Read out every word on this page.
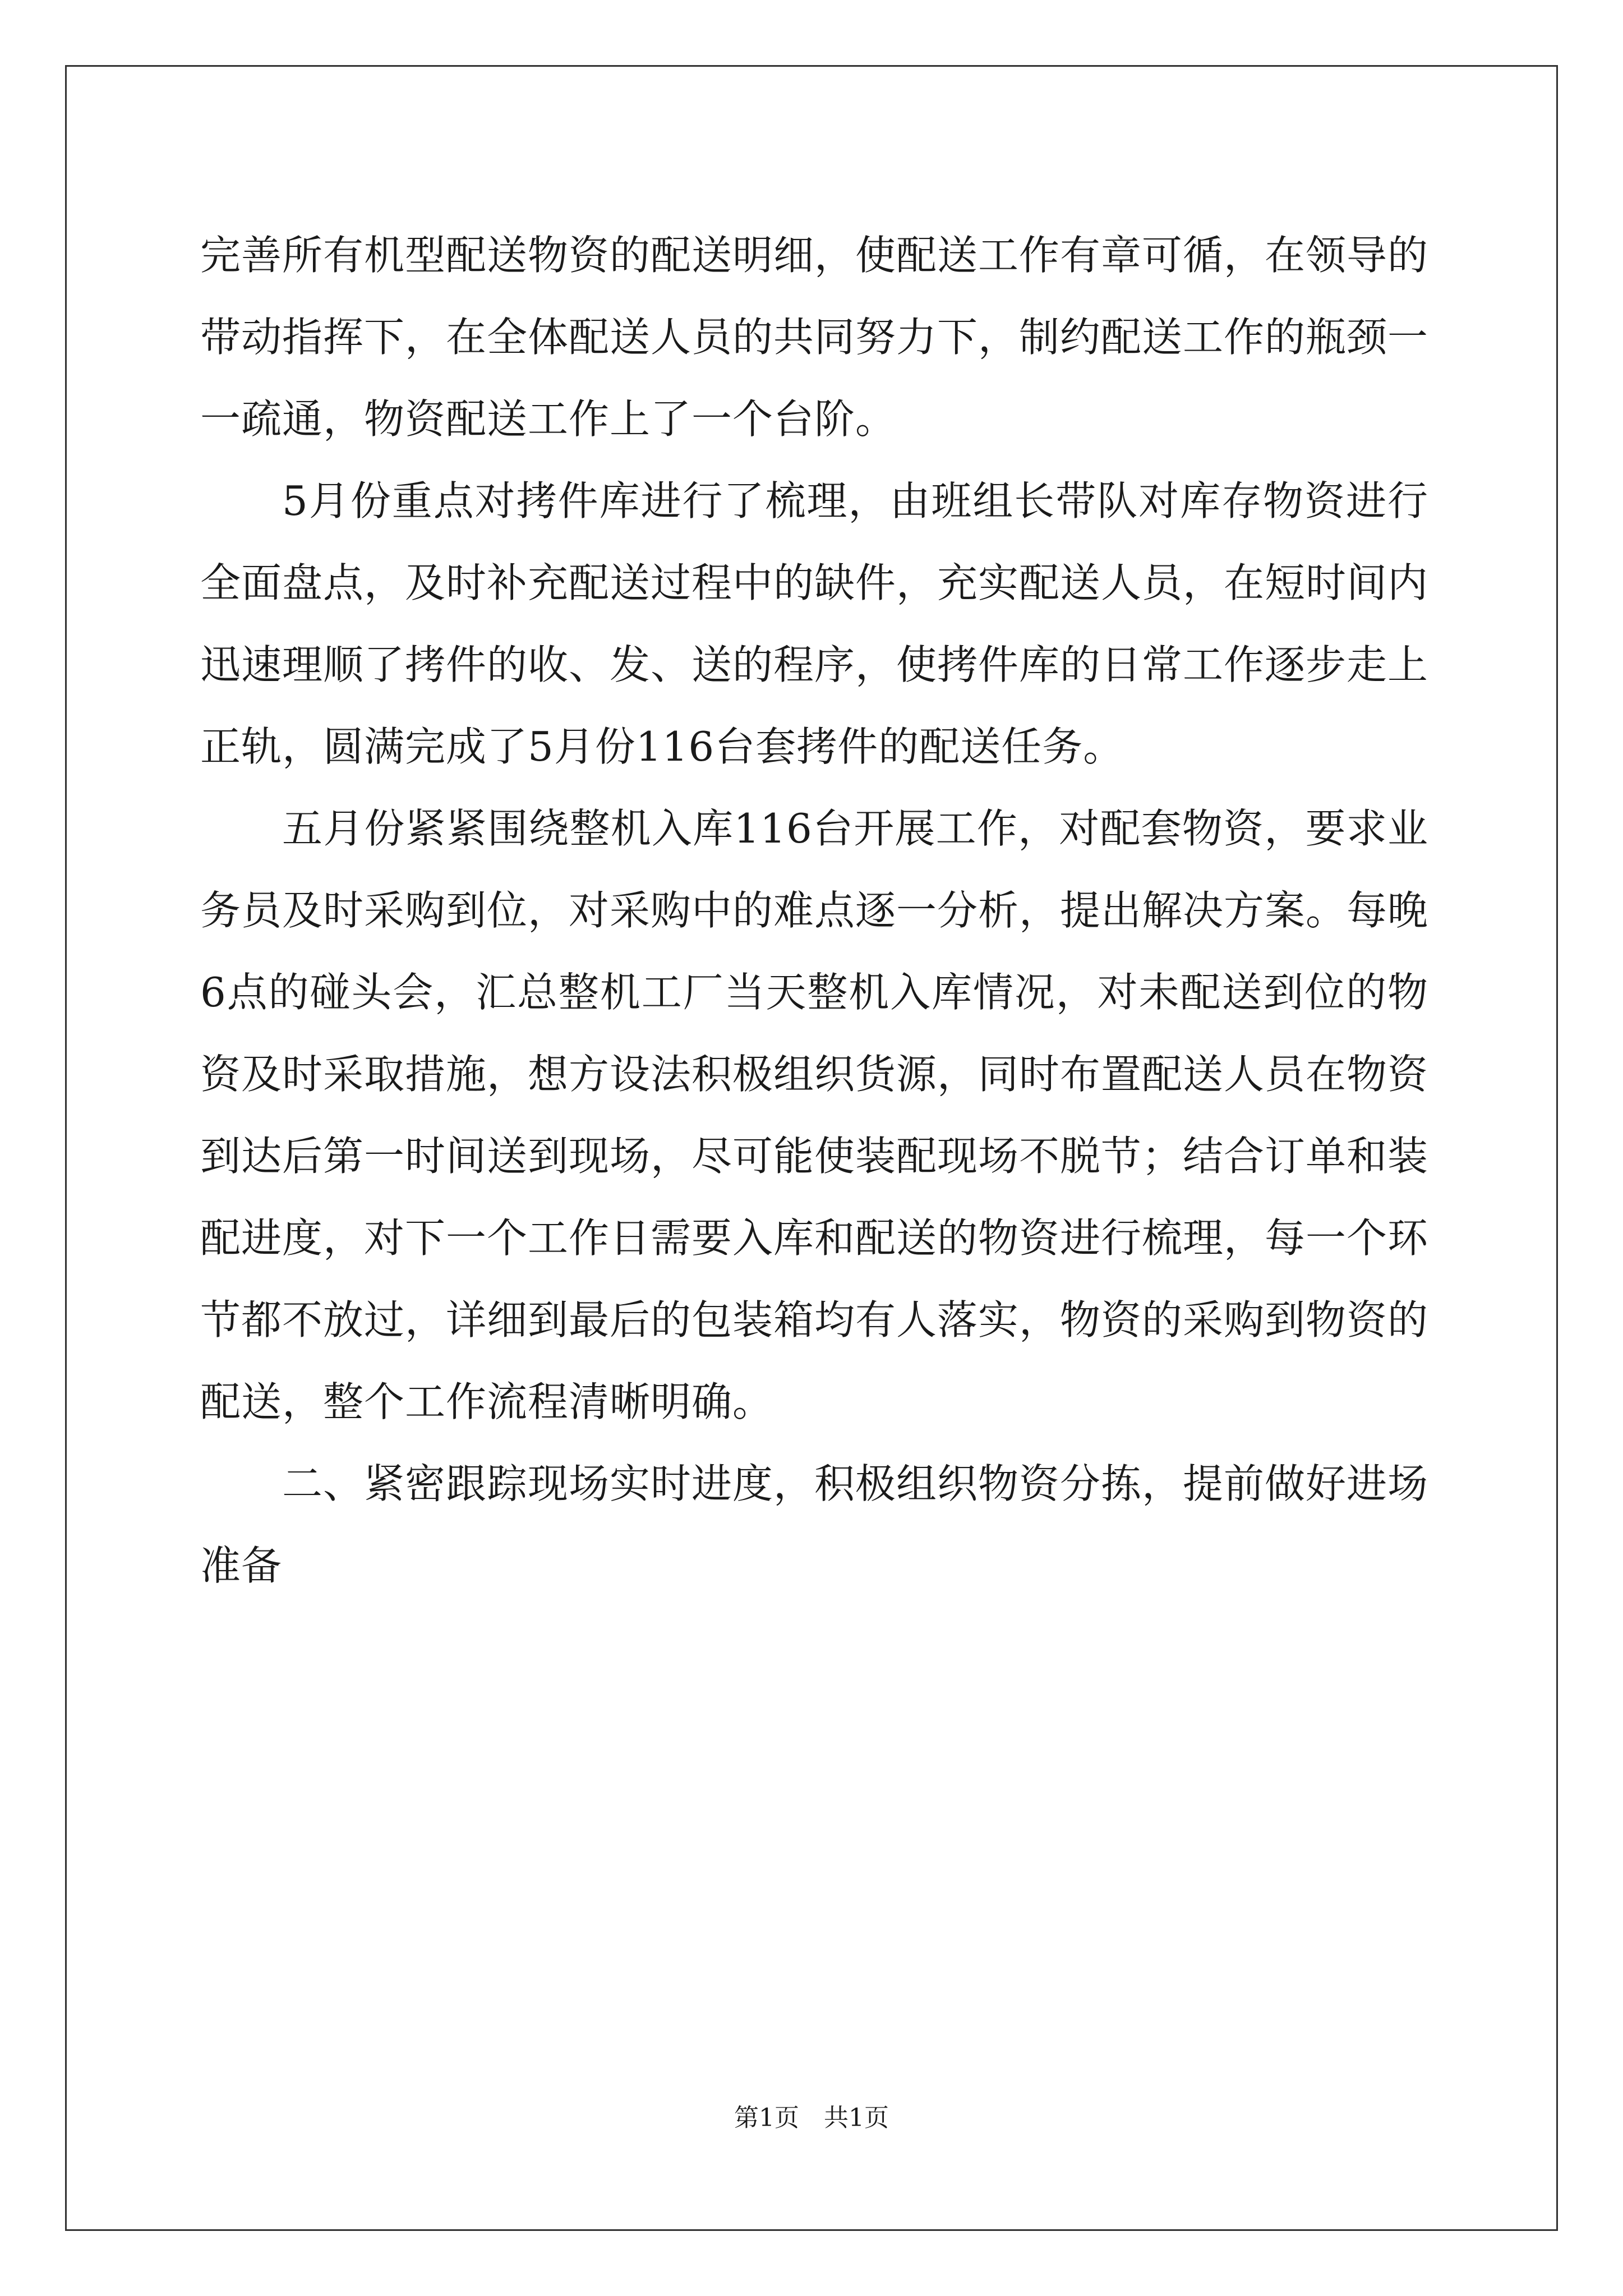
完善所有机型配送物资的配送明细，使配送工作有章可循，在领导的带动指挥下，在全体配送人员的共同努力下，制约配送工作的瓶颈一一疏通，物资配送工作上了一个台阶。

5月份重点对拷件库进行了梳理，由班组长带队对库存物资进行全面盘点，及时补充配送过程中的缺件，充实配送人员，在短时间内迅速理顺了拷件的收、发、送的程序，使拷件库的日常工作逐步走上正轨，圆满完成了5月份116台套拷件的配送任务。

五月份紧紧围绕整机入库116台开展工作，对配套物资，要求业务员及时采购到位，对采购中的难点逐一分析，提出解决方案。每晚6点的碰头会，汇总整机工厂当天整机入库情况，对未配送到位的物资及时采取措施，想方设法积极组织货源，同时布置配送人员在物资到达后第一时间送到现场，尽可能使装配现场不脱节；结合订单和装配进度，对下一个工作日需要入库和配送的物资进行梳理，每一个环节都不放过，详细到最后的包装箱均有人落实，物资的采购到物资的配送，整个工作流程清晰明确。

二、紧密跟踪现场实时进度，积极组织物资分拣，提前做好进场准备

第1页　共1页
